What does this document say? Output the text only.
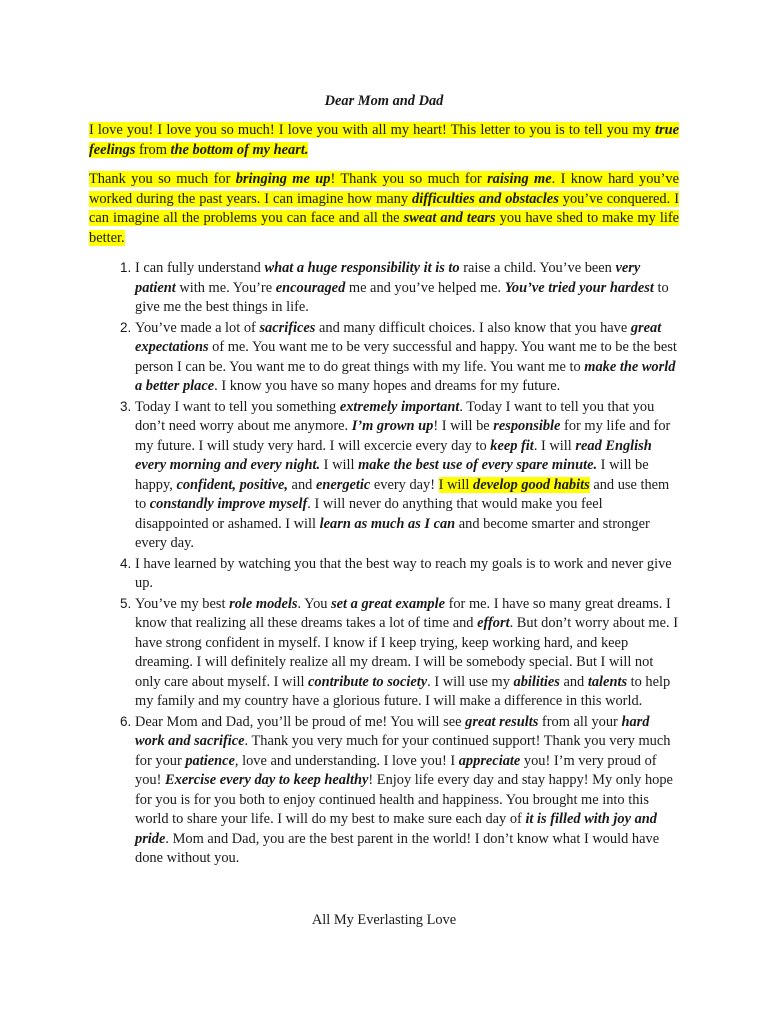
Dear Mom and Dad

I love you! I love you so much! I love you with all my heart! This letter to you is to tell you my true feelings from the bottom of my heart.

Thank you so much for bringing me up! Thank you so much for raising me. I know hard you’ve worked during the past years. I can imagine how many difficulties and obstacles you’ve conquered. I can imagine all the problems you can face and all the sweat and tears you have shed to make my life better.

1. I can fully understand what a huge responsibility it is to raise a child. You’ve been very patient with me. You’re encouraged me and you’ve helped me. You’ve tried your hardest to give me the best things in life.
2. You’ve made a lot of sacrifices and many difficult choices. I also know that you have great expectations of me. You want me to be very successful and happy. You want me to be the best person I can be. You want me to do great things with my life. You want me to make the world a better place. I know you have so many hopes and dreams for my future.
3. Today I want to tell you something extremely important. Today I want to tell you that you don’t need worry about me anymore. I’m grown up! I will be responsible for my life and for my future. I will study very hard. I will excercie every day to keep fit. I will read English every morning and every night. I will make the best use of every spare minute. I will be happy, confident, positive, and energetic every day! I will develop good habits and use them to constandly improve myself. I will never do anything that would make you feel disappointed or ashamed. I will learn as much as I can and become smarter and stronger every day.
4. I have learned by watching you that the best way to reach my goals is to work and never give up.
5. You’ve my best role models. You set a great example for me. I have so many great dreams. I know that realizing all these dreams takes a lot of time and effort. But don’t worry about me. I have strong confident in myself. I know if I keep trying, keep working hard, and keep dreaming. I will definitely realize all my dream. I will be somebody special. But I will not only care about myself. I will contribute to society. I will use my abilities and talents to help my family and my country have a glorious future. I will make a difference in this world.
6. Dear Mom and Dad, you’ll be proud of me! You will see great results from all your hard work and sacrifice. Thank you very much for your continued support! Thank you very much for your patience, love and understanding. I love you! I appreciate you! I’m very proud of you! Exercise every day to keep healthy! Enjoy life every day and stay happy! My only hope for you is for you both to enjoy continued health and happiness. You brought me into this world to share your life. I will do my best to make sure each day of it is filled with joy and pride. Mom and Dad, you are the best parent in the world! I don’t know what I would have done without you.
All My Everlasting Love
